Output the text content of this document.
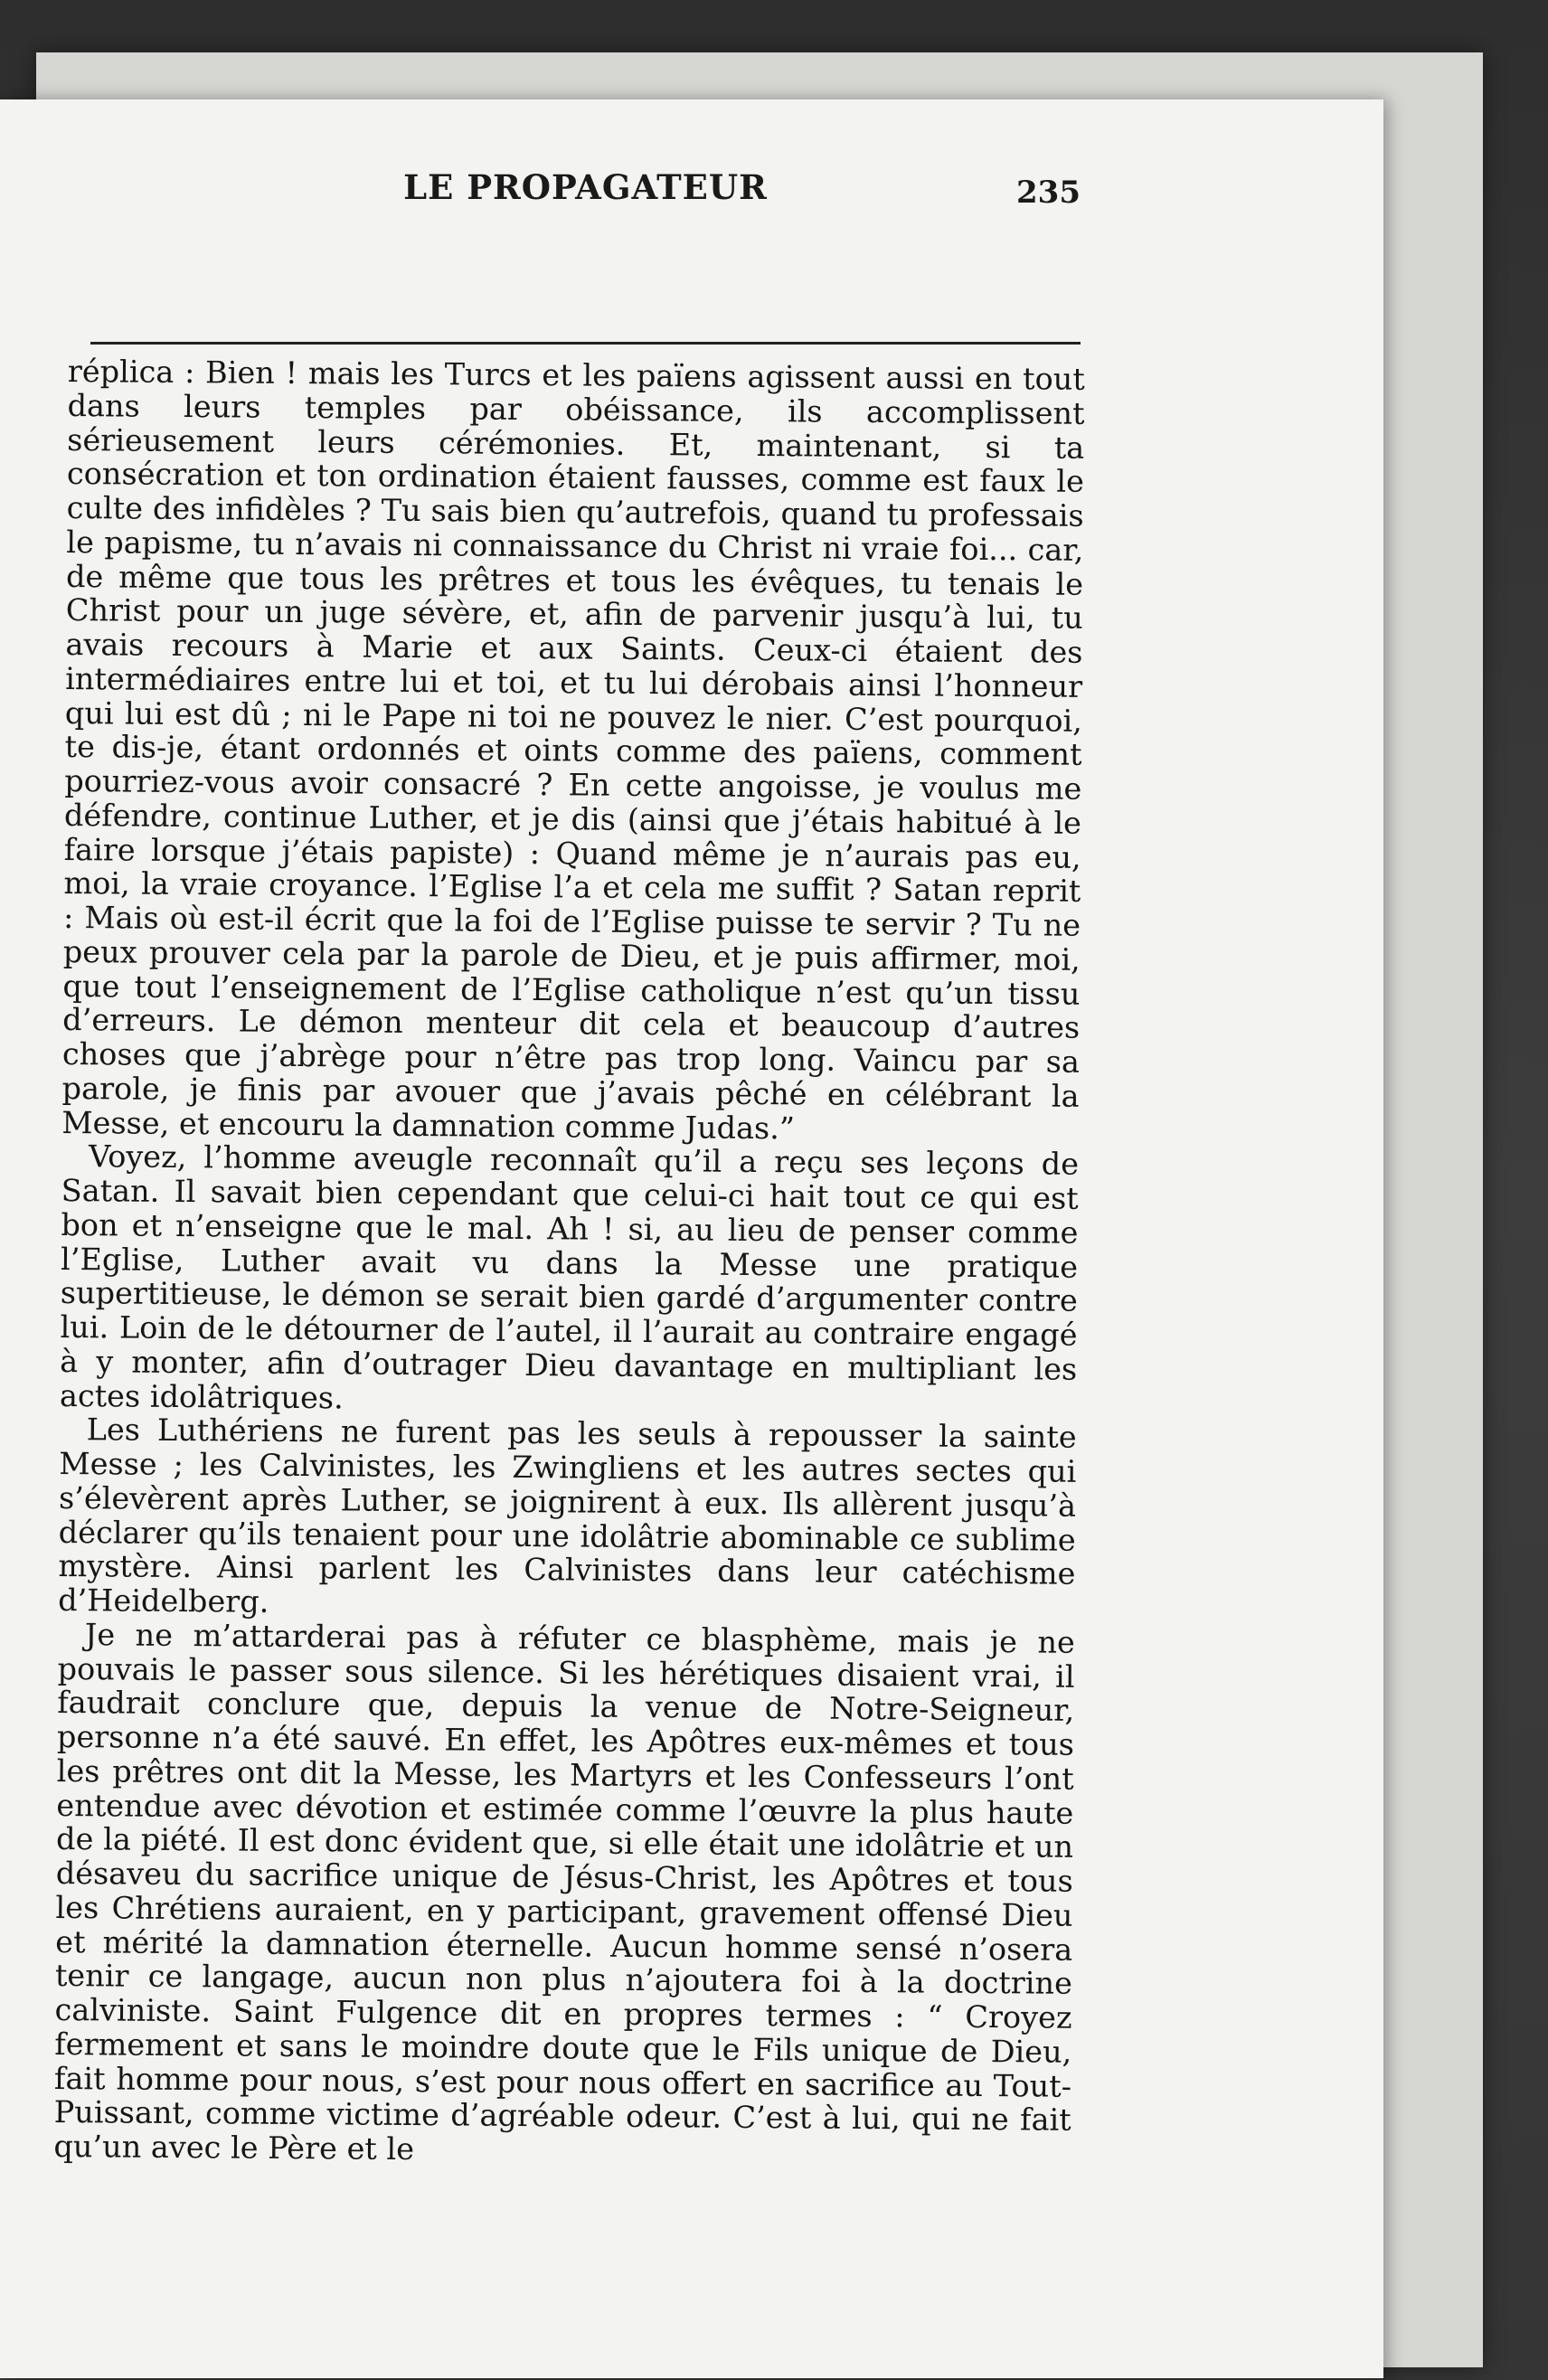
LE PROPAGATEUR	235

réplica : Bien ! mais les Turcs et les païens agissent aussi en tout dans leurs temples par obéissance, ils accomplissent sérieusement leurs cérémonies. Et, maintenant, si ta consécration et ton ordination étaient fausses, comme est faux le culte des infidèles ? Tu sais bien qu’autrefois, quand tu professais le papisme, tu n’avais ni connaissance du Christ ni vraie foi... car, de même que tous les prêtres et tous les évêques, tu tenais le Christ pour un juge sévère, et, afin de parvenir jusqu’à lui, tu avais recours à Marie et aux Saints. Ceux-ci étaient des intermédiaires entre lui et toi, et tu lui dérobais ainsi l’honneur qui lui est dû ; ni le Pape ni toi ne pouvez le nier. C’est pourquoi, te dis-je, étant ordonnés et oints comme des païens, comment pourriez-vous avoir consacré ? En cette angoisse, je voulus me défendre, continue Luther, et je dis (ainsi que j’étais habitué à le faire lorsque j’étais papiste) : Quand même je n’aurais pas eu, moi, la vraie croyance. l’Eglise l’a et cela me suffit ? Satan reprit : Mais où est-il écrit que la foi de l’Eglise puisse te servir ? Tu ne peux prouver cela par la parole de Dieu, et je puis affirmer, moi, que tout l’enseignement de l’Eglise catholique n’est qu’un tissu d’erreurs. Le démon menteur dit cela et beaucoup d’autres choses que j’abrège pour n’être pas trop long. Vaincu par sa parole, je finis par avouer que j’avais pêché en célébrant la Messe, et encouru la damnation comme Judas.”

Voyez, l’homme aveugle reconnaît qu’il a reçu ses leçons de Satan. Il savait bien cependant que celui-ci hait tout ce qui est bon et n’enseigne que le mal. Ah ! si, au lieu de penser comme l’Eglise, Luther avait vu dans la Messe une pratique supertitieuse, le démon se serait bien gardé d’argumenter contre lui. Loin de le détourner de l’autel, il l’aurait au contraire engagé à y monter, afin d’outrager Dieu davantage en multipliant les actes idolâtriques.

Les Luthériens ne furent pas les seuls à repousser la sainte Messe ; les Calvinistes, les Zwingliens et les autres sectes qui s’élevèrent après Luther, se joignirent à eux. Ils allèrent jusqu’à déclarer qu’ils tenaient pour une idolâtrie abominable ce sublime mystère. Ainsi parlent les Calvinistes dans leur catéchisme d’Heidelberg.

Je ne m’attarderai pas à réfuter ce blasphème, mais je ne pouvais le passer sous silence. Si les hérétiques disaient vrai, il faudrait conclure que, depuis la venue de Notre-Seigneur, personne n’a été sauvé. En effet, les Apôtres eux-mêmes et tous les prêtres ont dit la Messe, les Martyrs et les Confesseurs l’ont entendue avec dévotion et estimée comme l’œuvre la plus haute de la piété. Il est donc évident que, si elle était une idolâtrie et un désaveu du sacrifice unique de Jésus-Christ, les Apôtres et tous les Chrétiens auraient, en y participant, gravement offensé Dieu et mérité la damnation éternelle. Aucun homme sensé n’osera tenir ce langage, aucun non plus n’ajoutera foi à la doctrine calviniste. Saint Fulgence dit en propres termes : “ Croyez fermement et sans le moindre doute que le Fils unique de Dieu, fait homme pour nous, s’est pour nous offert en sacrifice au Tout-Puissant, comme victime d’agréable odeur. C’est à lui, qui ne fait qu’un avec le Père et le
